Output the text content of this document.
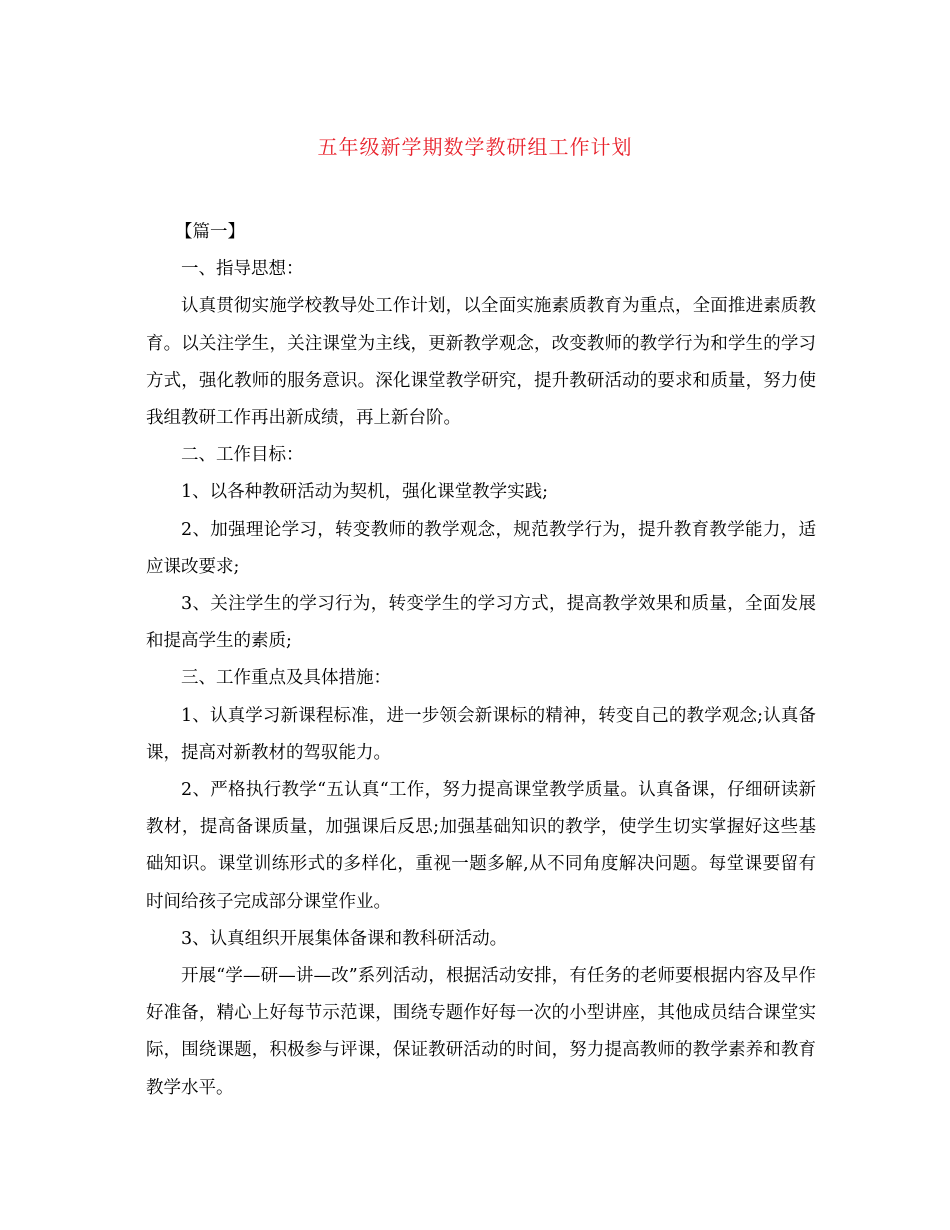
五年级新学期数学教研组工作计划

【篇一】

一、指导思想：

认真贯彻实施学校教导处工作计划，以全面实施素质教育为重点，全面推进素质教育。以关注学生，关注课堂为主线，更新教学观念，改变教师的教学行为和学生的学习方式，强化教师的服务意识。深化课堂教学研究，提升教研活动的要求和质量，努力使我组教研工作再出新成绩，再上新台阶。

二、工作目标：

1、以各种教研活动为契机，强化课堂教学实践;

2、加强理论学习，转变教师的教学观念，规范教学行为，提升教育教学能力，适应课改要求;

3、关注学生的学习行为，转变学生的学习方式，提高教学效果和质量，全面发展和提高学生的素质;

三、工作重点及具体措施：

1、认真学习新课程标准，进一步领会新课标的精神，转变自己的教学观念;认真备课，提高对新教材的驾驭能力。

2、严格执行教学“五认真“工作，努力提高课堂教学质量。认真备课，仔细研读新教材，提高备课质量，加强课后反思;加强基础知识的教学，使学生切实掌握好这些基础知识。课堂训练形式的多样化，重视一题多解,从不同角度解决问题。每堂课要留有时间给孩子完成部分课堂作业。

3、认真组织开展集体备课和教科研活动。

开展“学—研—讲—改”系列活动，根据活动安排，有任务的老师要根据内容及早作好准备，精心上好每节示范课，围绕专题作好每一次的小型讲座，其他成员结合课堂实际，围绕课题，积极参与评课，保证教研活动的时间，努力提高教师的教学素养和教育教学水平。
